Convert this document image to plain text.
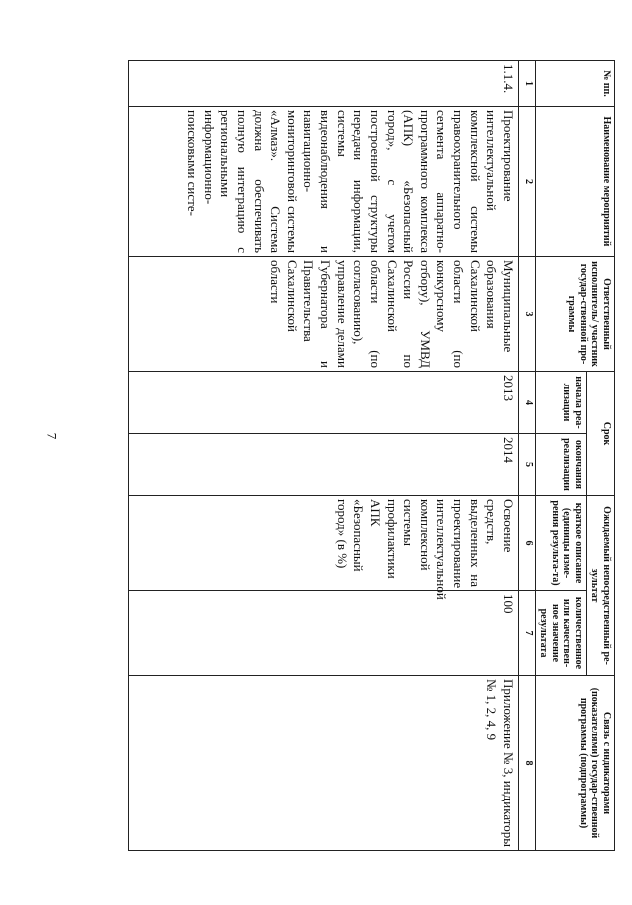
7
№ пп.	Наименование мероприятий	Ответственный исполнитель/ участник государ-ственной про-граммы	Срок		Ожидаемый непосредственный ре-зультат		Связь с индикаторами (показателями) государ-ственной программы (подпрограммы)
			начала реа-лизации	окончания реализации	краткое описание (единицы изме-рения результа-та)	количественное или качествен-ное значение результата	
1	2	3	4	5	6	7	8
1.1.4.	Проектирование интеллектуальной комплексной системы правоохранительного сегмента аппаратно-программного комплекса (АПК) «Безопасный город», с учетом построенной структуры передачи информации, системы видеонаблюдения и навигационно-мониторинговой системы «Алмаз». Система должна обеспечивать полную интеграцию с региональными информационно-поисковыми систе-	Муниципальные образования Сахалинской области (по конкурсному отбору), УМВД России по Сахалинской области (по согласованию), управление делами Губернатора и Правительства Сахалинской области	2013	2014	Освоение средств, выделенных на проектирование интеллектуальной комплексной системы профилактики АПК «Безопасный город» (в %)	100	Приложение № 3, индикаторы № 1, 2, 4, 9
